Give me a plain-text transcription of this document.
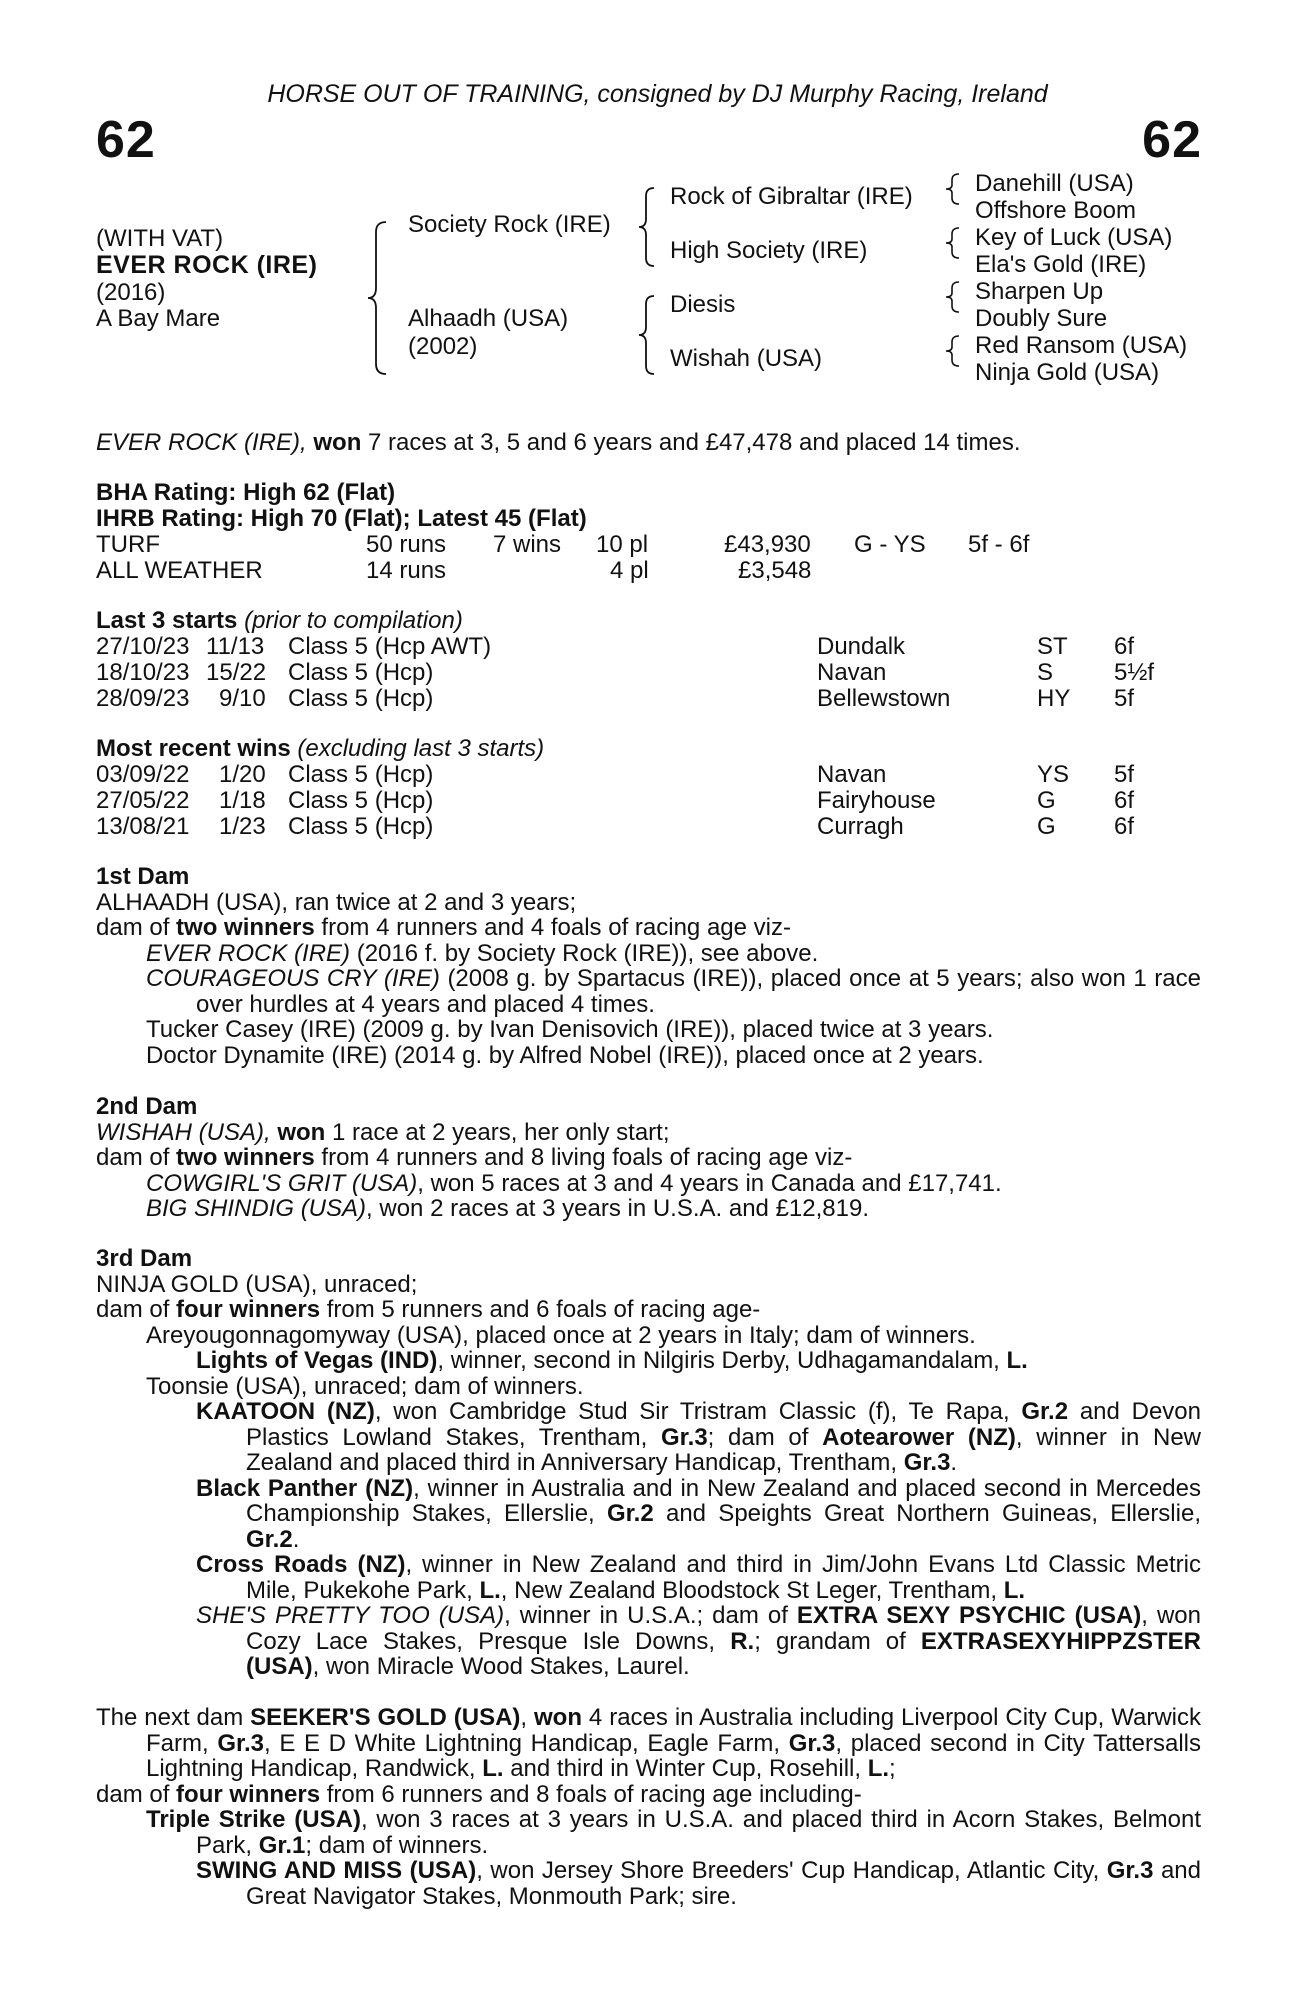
HORSE OUT OF TRAINING, consigned by DJ Murphy Racing, Ireland
62	62
(WITH VAT)
EVER ROCK (IRE)
(2016)
A Bay Mare
Society Rock (IRE)
Alhaadh (USA)
(2002)
Rock of Gibraltar (IRE)
High Society (IRE)
Diesis
Wishah (USA)
Danehill (USA)
Offshore Boom
Key of Luck (USA)
Ela's Gold (IRE)
Sharpen Up
Doubly Sure
Red Ransom (USA)
Ninja Gold (USA)
EVER ROCK (IRE), won 7 races at 3, 5 and 6 years and £47,478 and placed 14 times.
BHA Rating: High 62 (Flat)
IHRB Rating: High 70 (Flat); Latest 45 (Flat)
TURF	50 runs 7 wins 10 pl	£43,930 G - YS 5f - 6f
ALL WEATHER	14 runs	4 pl	£3,548
Last 3 starts (prior to compilation)
27/10/23 11/13 Class 5 (Hcp AWT)	Dundalk	ST 6f
18/10/23 15/22 Class 5 (Hcp)	Navan	S	5½f
28/09/23 9/10 Class 5 (Hcp)	Bellewstown	HY 5f
Most recent wins (excluding last 3 starts)
03/09/22 1/20 Class 5 (Hcp)	Navan	YS 5f
27/05/22 1/18 Class 5 (Hcp)	Fairyhouse	G 6f
13/08/21 1/23 Class 5 (Hcp)	Curragh	G 6f

1st Dam

ALHAADH (USA), ran twice at 2 and 3 years;

dam of two winners from 4 runners and 4 foals of racing age viz-

EVER ROCK (IRE) (2016 f. by Society Rock (IRE)), see above.

COURAGEOUS CRY (IRE) (2008 g. by Spartacus (IRE)), placed once at 5 years; also won 1 race over hurdles at 4 years and placed 4 times.

Tucker Casey (IRE) (2009 g. by Ivan Denisovich (IRE)), placed twice at 3 years.

Doctor Dynamite (IRE) (2014 g. by Alfred Nobel (IRE)), placed once at 2 years.

2nd Dam

WISHAH (USA), won 1 race at 2 years, her only start;

dam of two winners from 4 runners and 8 living foals of racing age viz-

COWGIRL'S GRIT (USA), won 5 races at 3 and 4 years in Canada and £17,741.

BIG SHINDIG (USA), won 2 races at 3 years in U.S.A. and £12,819.

3rd Dam

NINJA GOLD (USA), unraced;

dam of four winners from 5 runners and 6 foals of racing age-

Areyougonnagomyway (USA), placed once at 2 years in Italy; dam of winners.

Lights of Vegas (IND), winner, second in Nilgiris Derby, Udhagamandalam, L.

Toonsie (USA), unraced; dam of winners.

KAATOON (NZ), won Cambridge Stud Sir Tristram Classic (f), Te Rapa, Gr.2 and Devon Plastics Lowland Stakes, Trentham, Gr.3; dam of Aotearower (NZ), winner in New Zealand and placed third in Anniversary Handicap, Trentham, Gr.3.

Black Panther (NZ), winner in Australia and in New Zealand and placed second in Mercedes Championship Stakes, Ellerslie, Gr.2 and Speights Great Northern Guineas, Ellerslie, Gr.2.

Cross Roads (NZ), winner in New Zealand and third in Jim/John Evans Ltd Classic Metric Mile, Pukekohe Park, L., New Zealand Bloodstock St Leger, Trentham, L.

SHE'S PRETTY TOO (USA), winner in U.S.A.; dam of EXTRA SEXY PSYCHIC (USA), won Cozy Lace Stakes, Presque Isle Downs, R.; grandam of EXTRASEXYHIPPZSTER (USA), won Miracle Wood Stakes, Laurel.

The next dam SEEKER'S GOLD (USA), won 4 races in Australia including Liverpool City Cup, Warwick Farm, Gr.3, E E D White Lightning Handicap, Eagle Farm, Gr.3, placed second in City Tattersalls Lightning Handicap, Randwick, L. and third in Winter Cup, Rosehill, L.;

dam of four winners from 6 runners and 8 foals of racing age including-

Triple Strike (USA), won 3 races at 3 years in U.S.A. and placed third in Acorn Stakes, Belmont Park, Gr.1; dam of winners.

SWING AND MISS (USA), won Jersey Shore Breeders' Cup Handicap, Atlantic City, Gr.3 and Great Navigator Stakes, Monmouth Park; sire.
